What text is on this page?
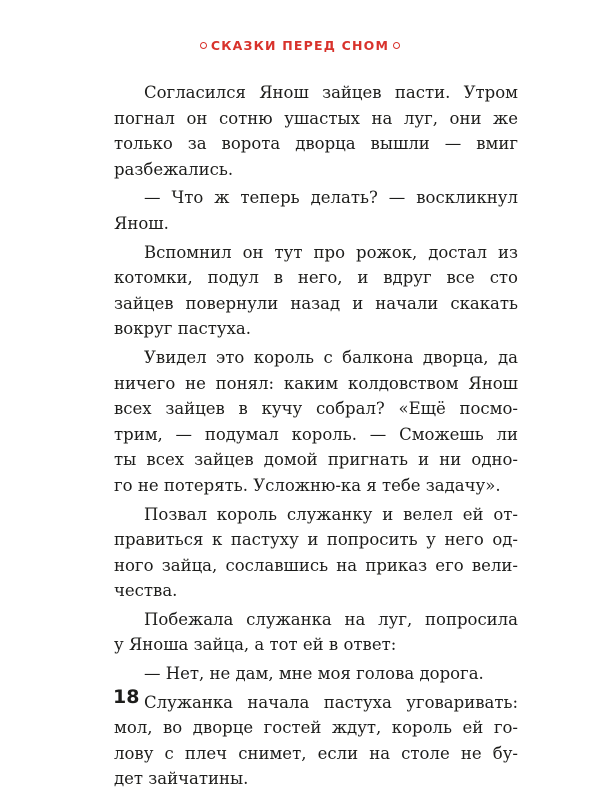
СКАЗКИ ПЕРЕД СНОМ
Согласился Янош зайцев пасти. Утром
погнал он сотню ушастых на луг, они же
только за ворота дворца вышли — вмиг
разбежались.
— Что ж теперь делать? — воскликнул
Янош.
Вспомнил он тут про рожок, достал из
котомки, подул в него, и вдруг все сто
зайцев повернули назад и начали скакать
вокруг пастуха.
Увидел это король с балкона дворца, да
ничего не понял: каким колдовством Янош
всех зайцев в кучу собрал? «Ещё посмо-
трим, — подумал король. — Сможешь ли
ты всех зайцев домой пригнать и ни одно-
го не потерять. Усложню-ка я тебе задачу».
Позвал король служанку и велел ей от-
правиться к пастуху и попросить у него од-
ного зайца, сославшись на приказ его вели-
чества.
Побежала служанка на луг, попросила
у Яноша зайца, а тот ей в ответ:
— Нет, не дам, мне моя голова дорога.
Служанка начала пастуха уговаривать:
мол, во дворце гостей ждут, король ей го-
лову с плеч снимет, если на столе не бу-
дет зайчатины.
18
